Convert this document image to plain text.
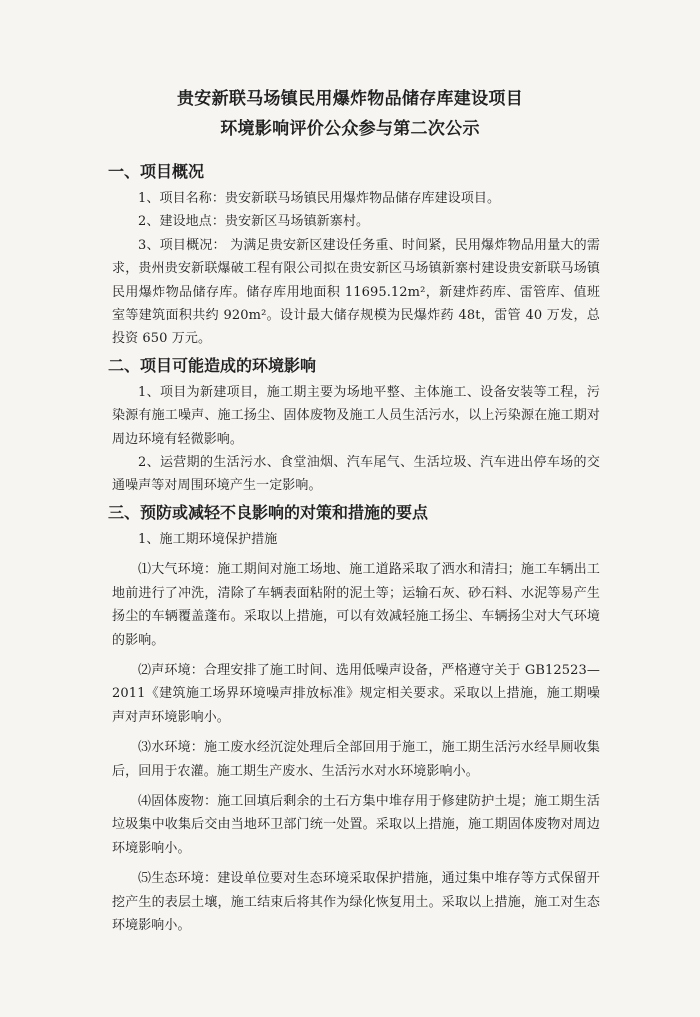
贵安新联马场镇民用爆炸物品储存库建设项目
环境影响评价公众参与第二次公示
一、项目概况

1、项目名称：贵安新联马场镇民用爆炸物品储存库建设项目。

2、建设地点：贵安新区马场镇新寨村。

3、项目概况： 为满足贵安新区建设任务重、时间紧，民用爆炸物品用量大的需求，贵州贵安新联爆破工程有限公司拟在贵安新区马场镇新寨村建设贵安新联马场镇民用爆炸物品储存库。储存库用地面积 11695.12m²，新建炸药库、雷管库、值班室等建筑面积共约 920m²。设计最大储存规模为民爆炸药 48t，雷管 40 万发，总投资 650 万元。

二、项目可能造成的环境影响

1、项目为新建项目，施工期主要为场地平整、主体施工、设备安装等工程，污染源有施工噪声、施工扬尘、固体废物及施工人员生活污水，以上污染源在施工期对周边环境有轻微影响。

2、运营期的生活污水、食堂油烟、汽车尾气、生活垃圾、汽车进出停车场的交通噪声等对周围环境产生一定影响。

三、预防或减轻不良影响的对策和措施的要点

1、施工期环境保护措施

⑴大气环境：施工期间对施工场地、施工道路采取了洒水和清扫；施工车辆出工地前进行了冲洗，清除了车辆表面粘附的泥土等；运输石灰、砂石料、水泥等易产生扬尘的车辆覆盖蓬布。采取以上措施，可以有效减轻施工扬尘、车辆扬尘对大气环境的影响。

⑵声环境：合理安排了施工时间、选用低噪声设备，严格遵守关于 GB12523—2011《建筑施工场界环境噪声排放标准》规定相关要求。采取以上措施，施工期噪声对声环境影响小。

⑶水环境：施工废水经沉淀处理后全部回用于施工，施工期生活污水经旱厕收集后，回用于农灌。施工期生产废水、生活污水对水环境影响小。

⑷固体废物：施工回填后剩余的土石方集中堆存用于修建防护土堤；施工期生活垃圾集中收集后交由当地环卫部门统一处置。采取以上措施，施工期固体废物对周边环境影响小。

⑸生态环境：建设单位要对生态环境采取保护措施，通过集中堆存等方式保留开挖产生的表层土壤，施工结束后将其作为绿化恢复用土。采取以上措施，施工对生态环境影响小。
